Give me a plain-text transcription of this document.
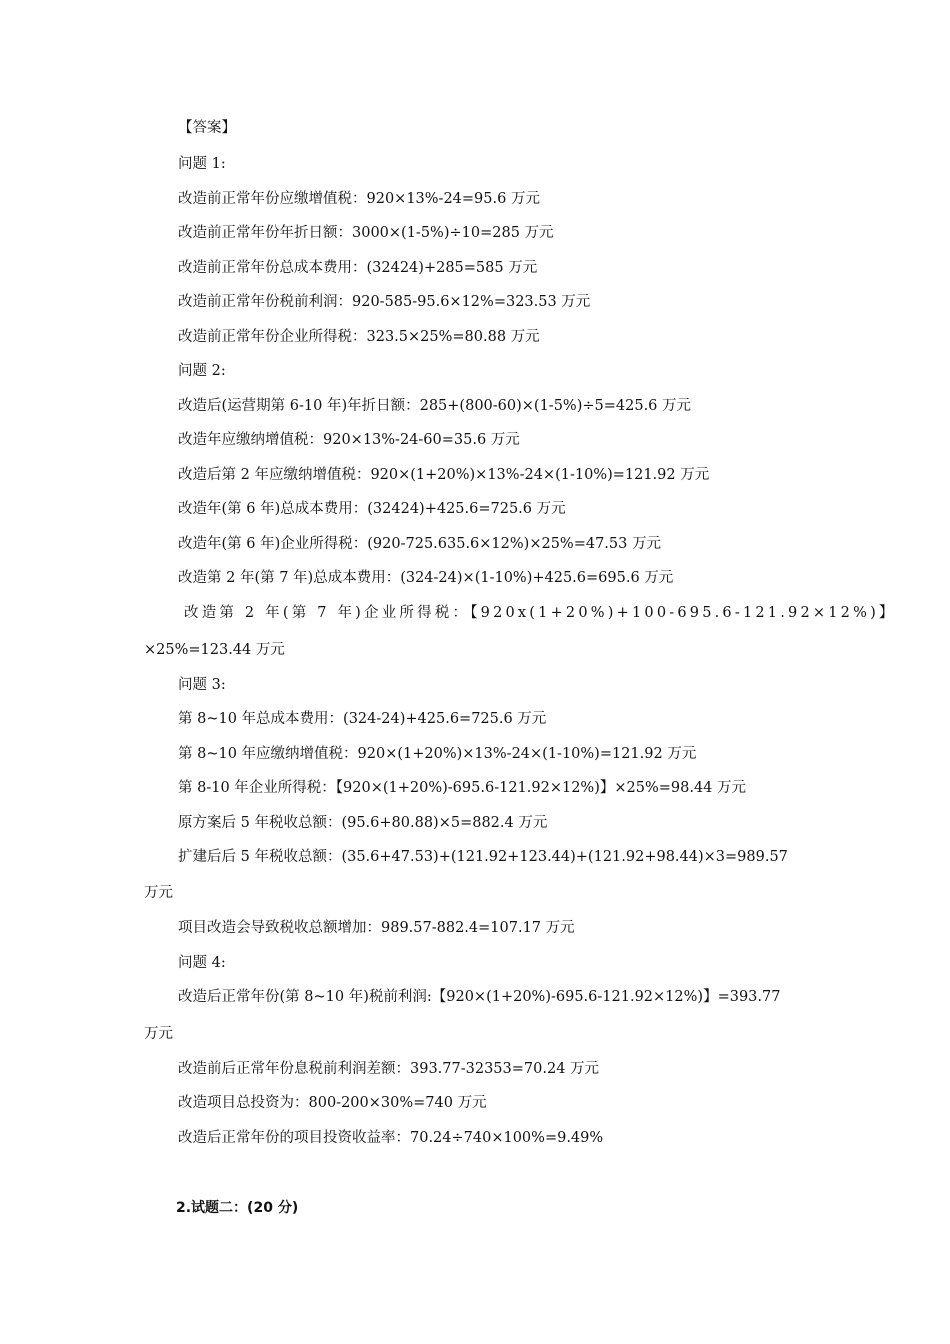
【答案】
问题 1:
改造前正常年份应缴增值税：920×13%-24=95.6 万元
改造前正常年份年折日额：3000×(1-5%)÷10=285 万元
改造前正常年份总成本费用：(32424)+285=585 万元
改造前正常年份税前利润：920-585-95.6×12%=323.53 万元
改造前正常年份企业所得税：323.5×25%=80.88 万元
问题 2:
改造后(运营期第 6-10 年)年折日额：285+(800-60)×(1-5%)÷5=425.6 万元
改造年应缴纳增值税：920×13%-24-60=35.6 万元
改造后第 2 年应缴纳增值税：920×(1+20%)×13%-24×(1-10%)=121.92 万元
改造年(第 6 年)总成本费用：(32424)+425.6=725.6 万元
改造年(第 6 年)企业所得税：(920-725.635.6×12%)×25%=47.53 万元
改造第 2 年(第 7 年)总成本费用：(324-24)×(1-10%)+425.6=695.6 万元
改造第 2 年(第 7 年)企业所得税：【920x(1+20%)+100-695.6-121.92×12%)】
×25%=123.44 万元
问题 3:
第 8~10 年总成本费用：(324-24)+425.6=725.6 万元
第 8~10 年应缴纳增值税：920×(1+20%)×13%-24×(1-10%)=121.92 万元
第 8-10 年企业所得税：【920×(1+20%)-695.6-121.92×12%)】×25%=98.44 万元
原方案后 5 年税收总额：(95.6+80.88)×5=882.4 万元
扩建后后 5 年税收总额：(35.6+47.53)+(121.92+123.44)+(121.92+98.44)×3=989.57
万元
项目改造会导致税收总额增加：989.57-882.4=107.17 万元
问题 4:
改造后正常年份(第 8~10 年)税前利润:【920×(1+20%)-695.6-121.92×12%)】=393.77
万元
改造前后正常年份息税前利润差额：393.77-32353=70.24 万元
改造项目总投资为：800-200×30%=740 万元
改造后正常年份的项目投资收益率：70.24÷740×100%=9.49%
2.试题二：(20 分)
